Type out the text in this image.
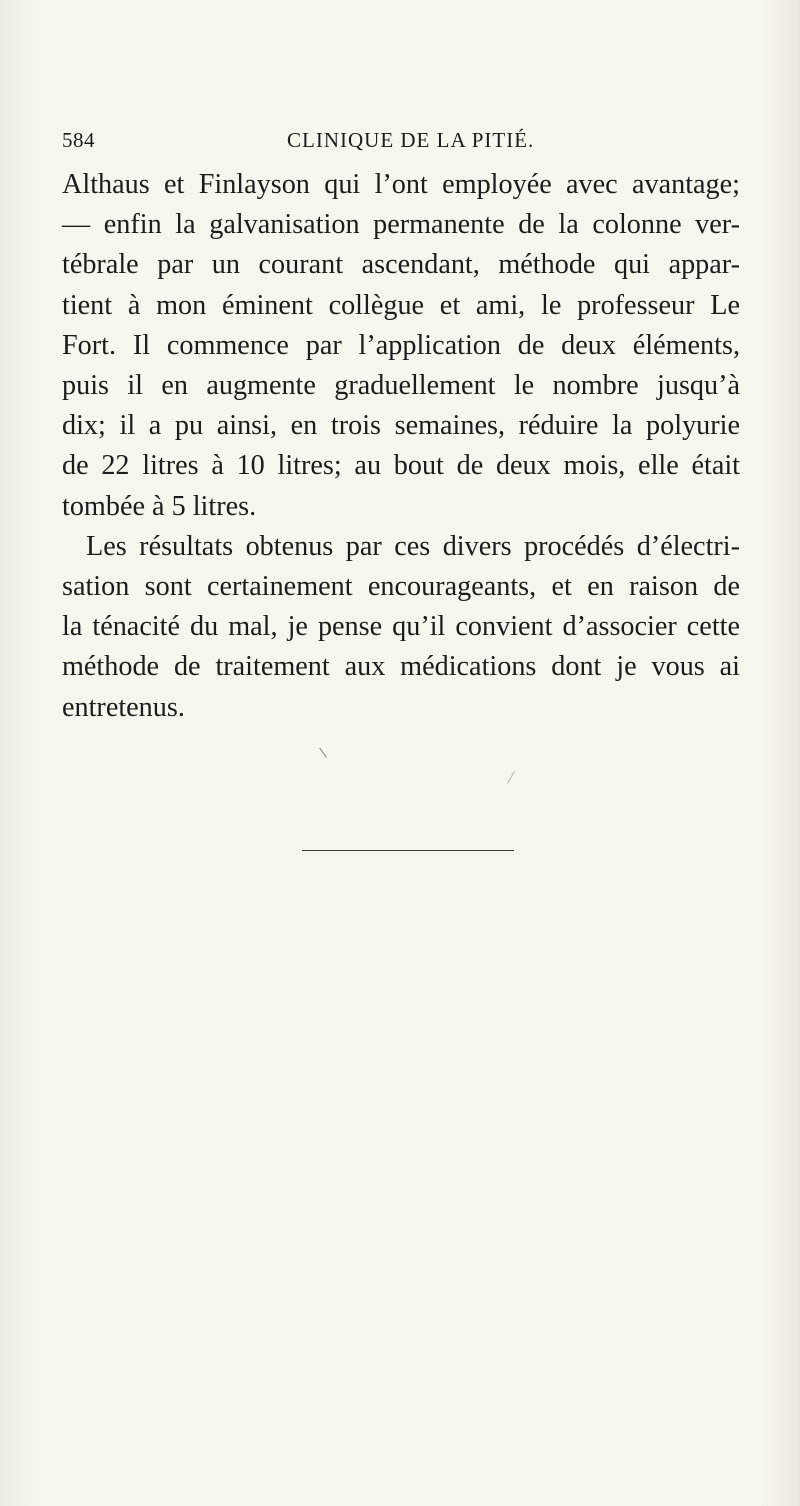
584	CLINIQUE DE LA PITIÉ.
Althaus et Finlayson qui l’ont employée avec avantage;
— enfin la galvanisation permanente de la colonne ver-
tébrale par un courant ascendant, méthode qui appar-
tient à mon éminent collègue et ami, le professeur Le
Fort. Il commence par l’application de deux éléments,
puis il en augmente graduellement le nombre jusqu’à
dix; il a pu ainsi, en trois semaines, réduire la polyurie
de 22 litres à 10 litres; au bout de deux mois, elle était
tombée à 5 litres.
Les résultats obtenus par ces divers procédés d’électri-
sation sont certainement encourageants, et en raison de
la ténacité du mal, je pense qu’il convient d’associer cette
méthode de traitement aux médications dont je vous ai
entretenus.
